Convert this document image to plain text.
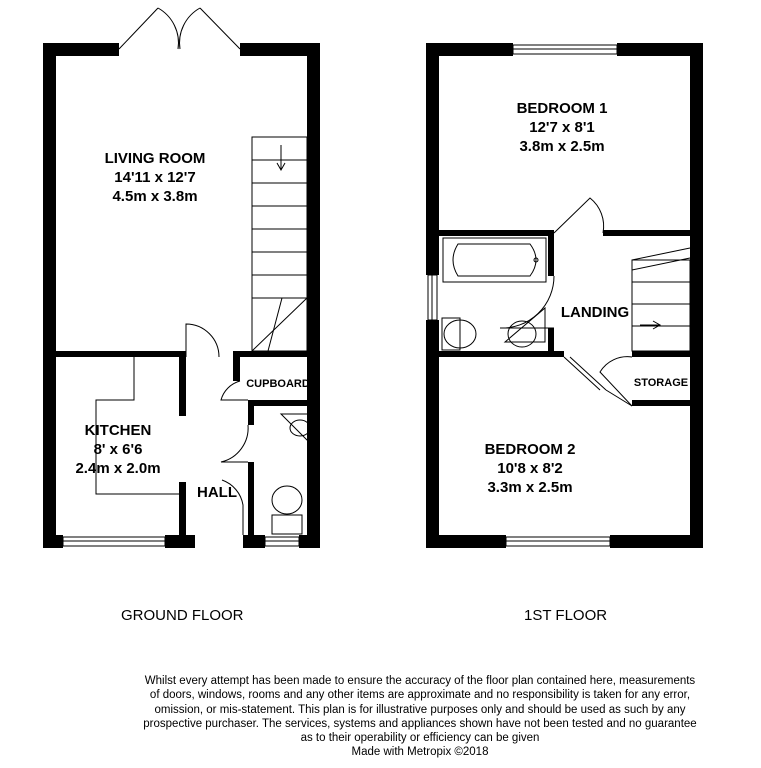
LIVING ROOM
14'11 x 12'7
4.5m x 3.8m
KITCHEN
8' x 6'6
2.4m x 2.0m
HALL
CUPBOARD
BEDROOM 1
12'7 x 8'1
3.8m x 2.5m
LANDING
STORAGE
BEDROOM 2
10'8 x 8'2
3.3m x 2.5m
GROUND FLOOR	1ST FLOOR
Whilst every attempt has been made to ensure the accuracy of the floor plan contained here, measurements
of doors, windows, rooms and any other items are approximate and no responsibility is taken for any error,
omission, or mis-statement. This plan is for illustrative purposes only and should be used as such by any
prospective purchaser. The services, systems and appliances shown have not been tested and no guarantee
as to their operability or efficiency can be given
Made with Metropix ©2018
